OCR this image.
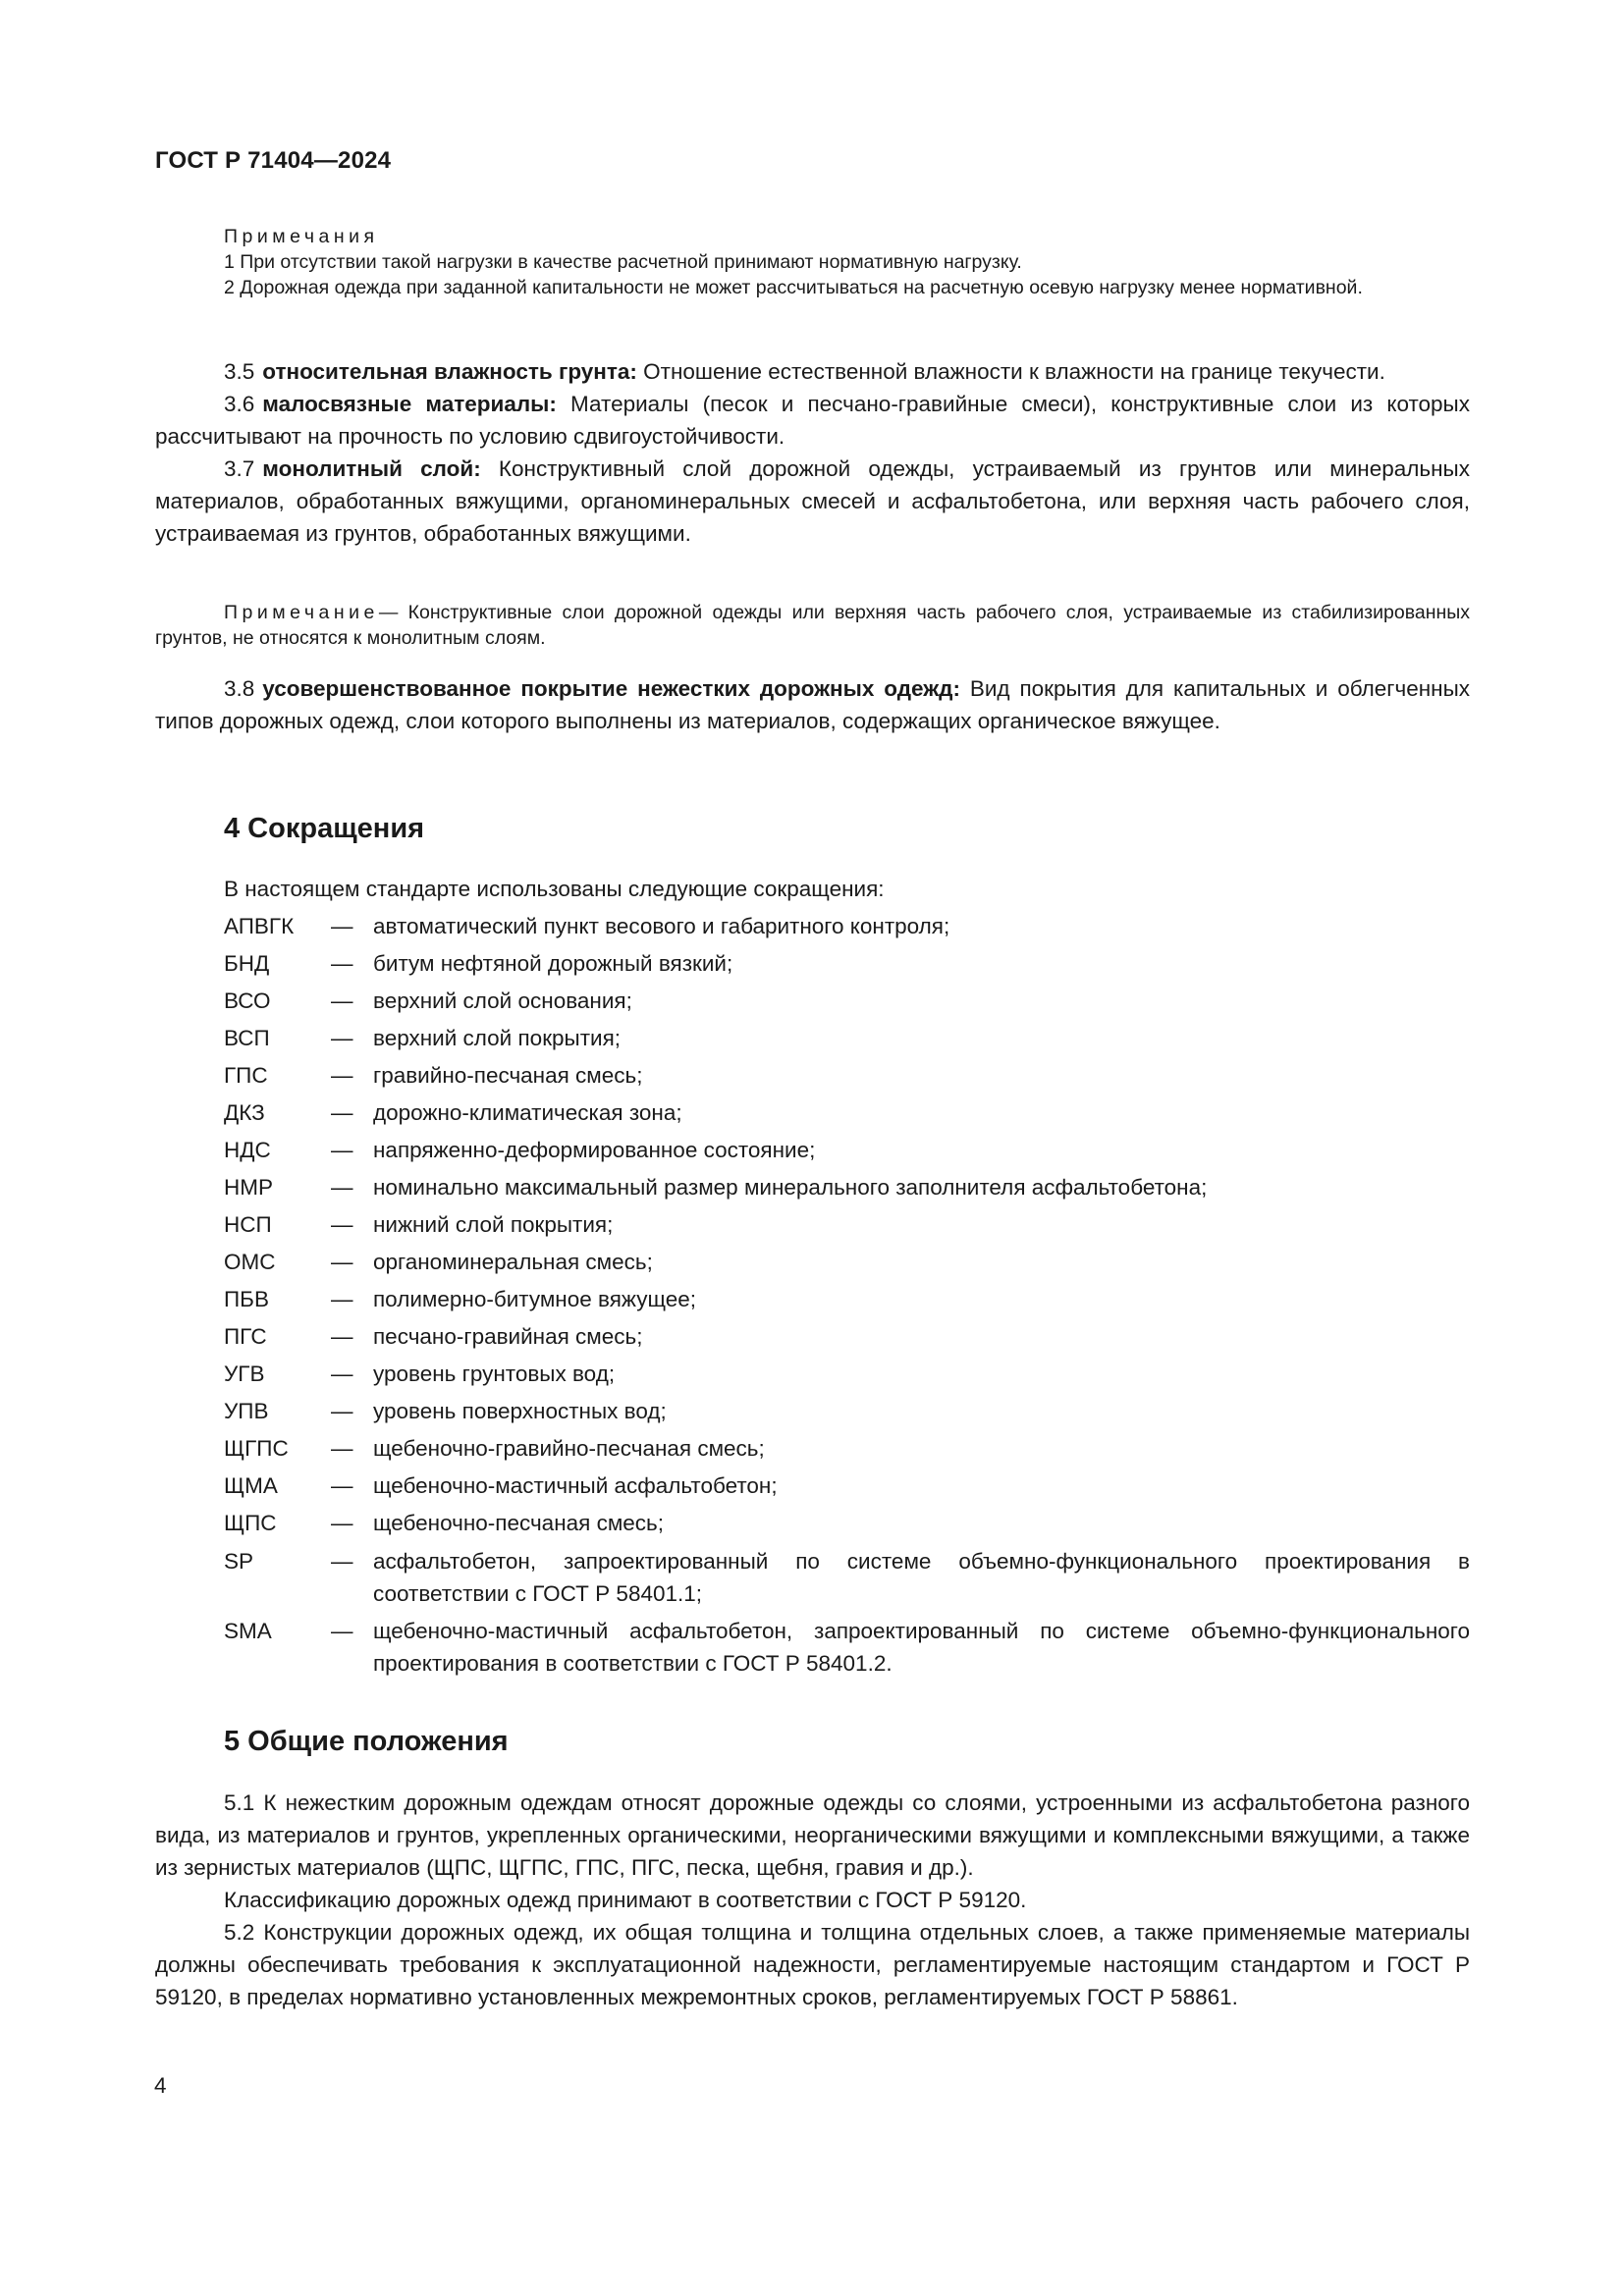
ГОСТ Р 71404—2024

Примечания

1 При отсутствии такой нагрузки в качестве расчетной принимают нормативную нагрузку.

2 Дорожная одежда при заданной капитальности не может рассчитываться на расчетную осевую нагрузку менее нормативной.

3.5 относительная влажность грунта: Отношение естественной влажности к влажности на границе текучести.

3.6 малосвязные материалы: Материалы (песок и песчано-гравийные смеси), конструктивные слои из которых рассчитывают на прочность по условию сдвигоустойчивости.

3.7 монолитный слой: Конструктивный слой дорожной одежды, устраиваемый из грунтов или минеральных материалов, обработанных вяжущими, органоминеральных смесей и асфальтобетона, или верхняя часть рабочего слоя, устраиваемая из грунтов, обработанных вяжущими.

Примечание— Конструктивные слои дорожной одежды или верхняя часть рабочего слоя, устраиваемые из стабилизированных грунтов, не относятся к монолитным слоям.

3.8 усовершенствованное покрытие нежестких дорожных одежд: Вид покрытия для капитальных и облегченных типов дорожных одежд, слои которого выполнены из материалов, содержащих органическое вяжущее.

4 Сокращения
В настоящем стандарте использованы следующие сокращения:
АПВГК	— автоматический пункт весового и габаритного контроля;
БНД	— битум нефтяной дорожный вязкий;
ВСО	— верхний слой основания;
ВСП	— верхний слой покрытия;
ГПС	— гравийно-песчаная смесь;
ДКЗ	— дорожно-климатическая зона;
НДС	— напряженно-деформированное состояние;
НМР	— номинально максимальный размер минерального заполнителя асфальтобетона;
НСП	— нижний слой покрытия;
ОМС	— органоминеральная смесь;
ПБВ	— полимерно-битумное вяжущее;
ПГС	— песчано-гравийная смесь;
УГВ	— уровень грунтовых вод;
УПВ	— уровень поверхностных вод;
ЩГПС	— щебеночно-гравийно-песчаная смесь;
ЩМА	— щебеночно-мастичный асфальтобетон;
ЩПС	— щебеночно-песчаная смесь;
SP	— асфальтобетон, запроектированный по системе объемно-функционального проектирования в соответствии с ГОСТ Р 58401.1;
SMA	— щебеночно-мастичный асфальтобетон, запроектированный по системе объемно-функционального проектирования в соответствии с ГОСТ Р 58401.2.
5 Общие положения

5.1 К нежестким дорожным одеждам относят дорожные одежды со слоями, устроенными из асфальтобетона разного вида, из материалов и грунтов, укрепленных органическими, неорганическими вяжущими и комплексными вяжущими, а также из зернистых материалов (ЩПС, ЩГПС, ГПС, ПГС, песка, щебня, гравия и др.).

Классификацию дорожных одежд принимают в соответствии с ГОСТ Р 59120.

5.2 Конструкции дорожных одежд, их общая толщина и толщина отдельных слоев, а также применяемые материалы должны обеспечивать требования к эксплуатационной надежности, регламентируемые настоящим стандартом и ГОСТ Р 59120, в пределах нормативно установленных межремонтных сроков, регламентируемых ГОСТ Р 58861.

4
